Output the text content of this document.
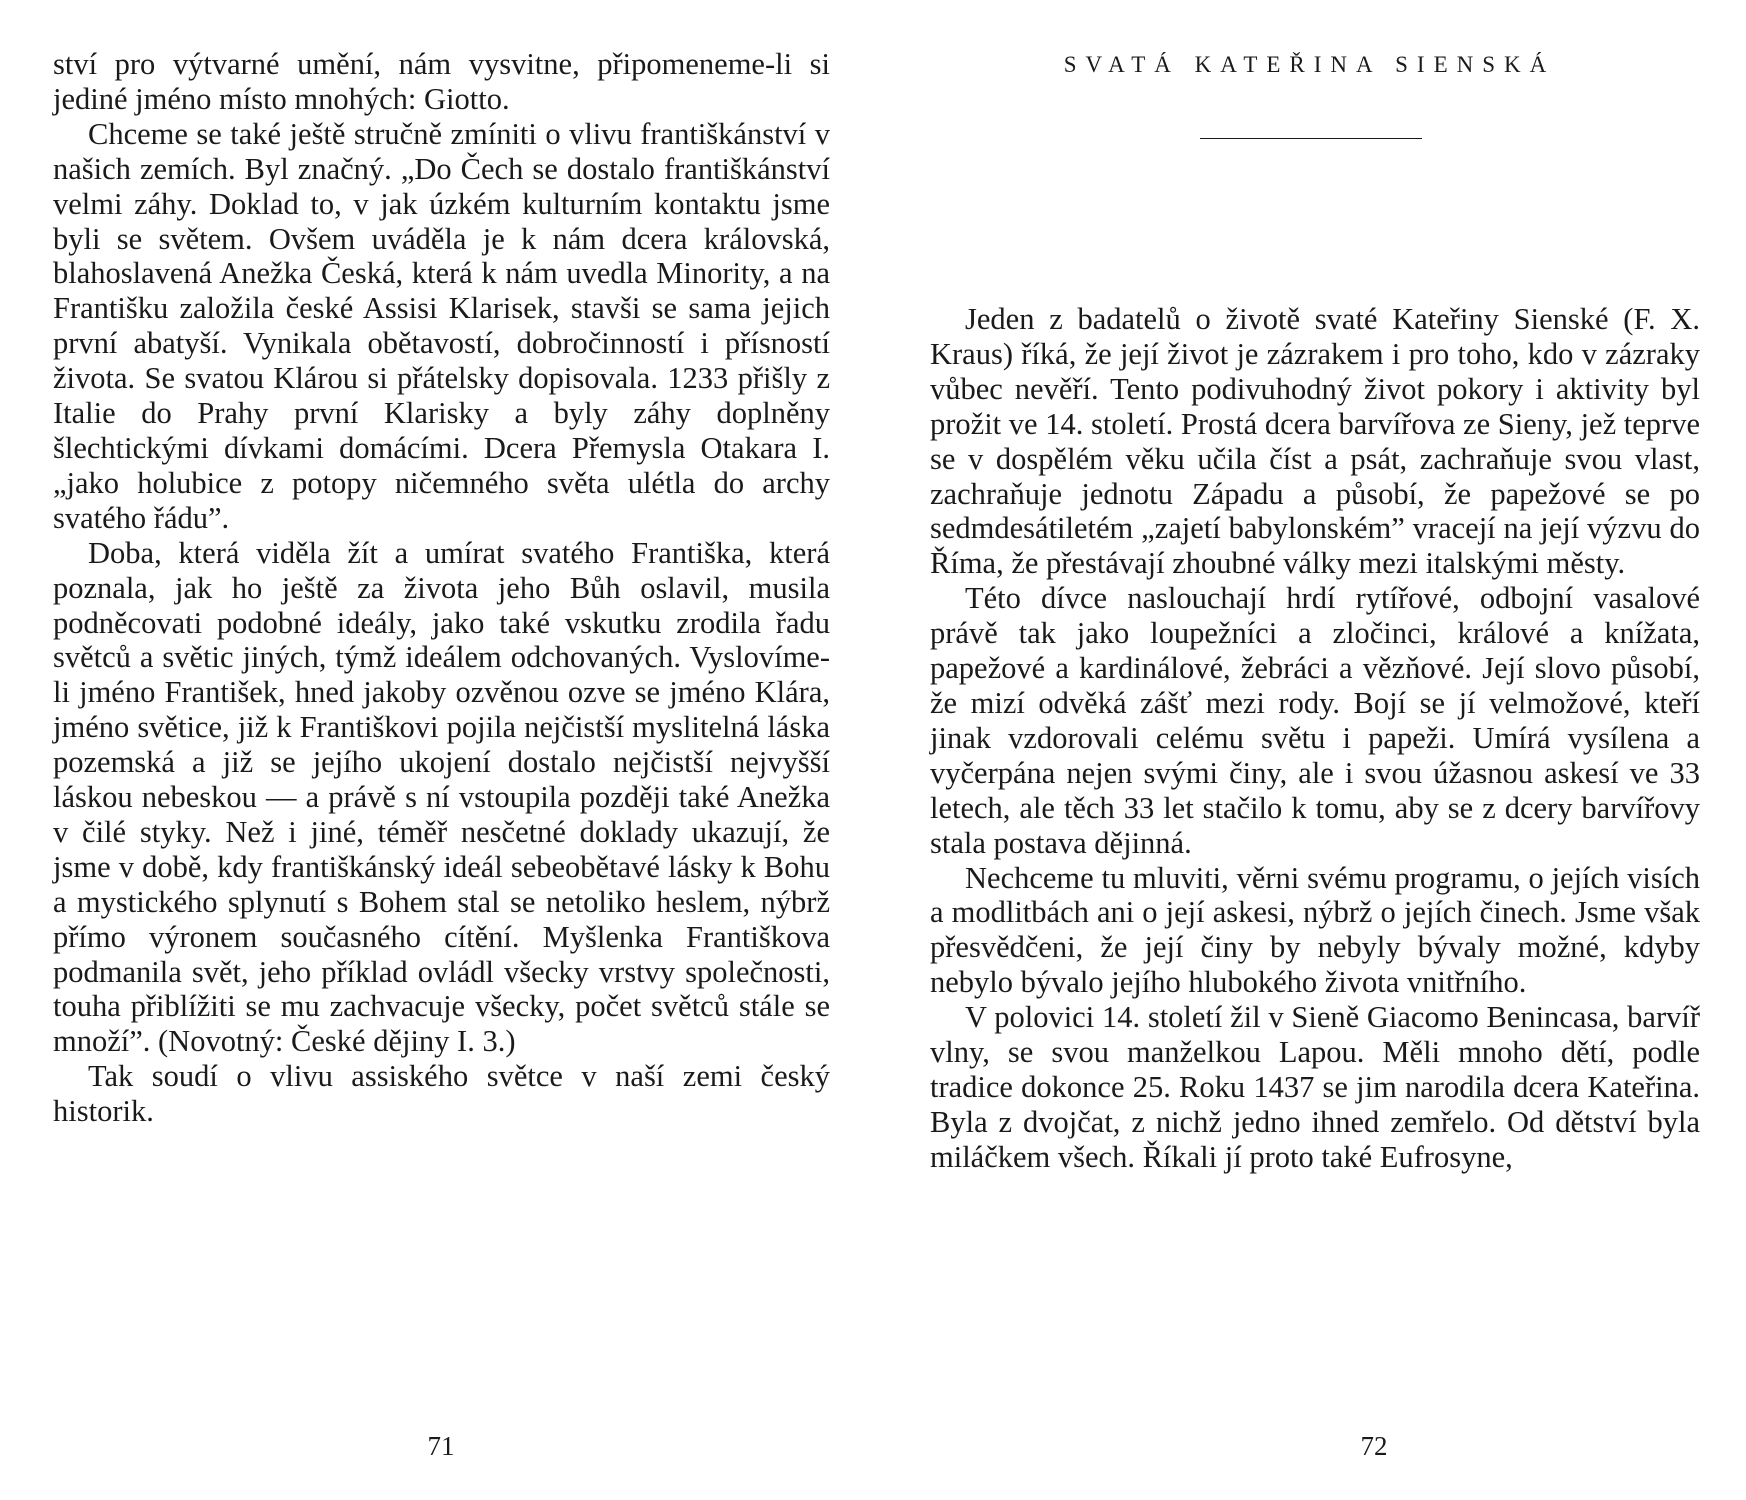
ství pro výtvarné umění, nám vysvitne, připomeneme-li si jediné jméno místo mnohých: Giotto.

Chceme se také ještě stručně zmíniti o vlivu františkánství v našich zemích. Byl značný. „Do Čech se dostalo františkánství velmi záhy. Doklad to, v jak úzkém kulturním kontaktu jsme byli se světem. Ovšem uváděla je k nám dcera královská, blahoslavená Anežka Česká, která k nám uvedla Minority, a na Františku založila české Assisi Klarisek, stavši se sama jejich první abatyší. Vynikala obětavostí, dobročinností i přísností života. Se svatou Klárou si přátelsky dopisovala. 1233 přišly z Italie do Prahy první Klarisky a byly záhy doplněny šlechtickými dívkami domácími. Dcera Přemysla Otakara I. „jako holubice z potopy ničemného světa ulétla do archy svatého řádu”.

Doba, která viděla žít a umírat svatého Františka, která poznala, jak ho ještě za života jeho Bůh oslavil, musila podněcovati podobné ideály, jako také vskutku zrodila řadu světců a světic jiných, týmž ideálem odchovaných. Vyslovíme-li jméno František, hned jakoby ozvěnou ozve se jméno Klára, jméno světice, již k Františkovi pojila nejčistší myslitelná láska pozemská a již se jejího ukojení dostalo nejčistší nejvyšší láskou nebeskou — a právě s ní vstoupila později také Anežka v čilé styky. Než i jiné, téměř nesčetné doklady ukazují, že jsme v době, kdy františkánský ideál sebeobětavé lásky k Bohu a mystického splynutí s Bohem stal se netoliko heslem, nýbrž přímo výronem současného cítění. Myšlenka Františkova podmanila svět, jeho příklad ovládl všecky vrstvy společnosti, touha přiblížiti se mu zachvacuje všecky, počet světců stále se množí”. (Novotný: České dějiny I. 3.)

Tak soudí o vlivu assiského světce v naší zemi český historik.

71
SVATÁ KATEŘINA SIENSKÁ

Jeden z badatelů o životě svaté Kateřiny Sienské (F. X. Kraus) říká, že její život je zázrakem i pro toho, kdo v zázraky vůbec nevěří. Tento podivuhodný život pokory i aktivity byl prožit ve 14. století. Prostá dcera barvířova ze Sieny, jež teprve se v dospělém věku učila číst a psát, zachraňuje svou vlast, zachraňuje jednotu Západu a působí, že papežové se po sedmdesátiletém „zajetí babylonském” vracejí na její výzvu do Říma, že přestávají zhoubné války mezi italskými městy.

Této dívce naslouchají hrdí rytířové, odbojní vasalové právě tak jako loupežníci a zločinci, králové a knížata, papežové a kardinálové, žebráci a vězňové. Její slovo působí, že mizí odvěká zášť mezi rody. Bojí se jí velmožové, kteří jinak vzdorovali celému světu i papeži. Umírá vysílena a vyčerpána nejen svými činy, ale i svou úžasnou askesí ve 33 letech, ale těch 33 let stačilo k tomu, aby se z dcery barvířovy stala postava dějinná.

Nechceme tu mluviti, věrni svému programu, o jejích visích a modlitbách ani o její askesi, nýbrž o jejích činech. Jsme však přesvědčeni, že její činy by nebyly bývaly možné, kdyby nebylo bývalo jejího hlubokého života vnitřního.

V polovici 14. století žil v Sieně Giacomo Benincasa, barvíř vlny, se svou manželkou Lapou. Měli mnoho dětí, podle tradice dokonce 25. Roku 1437 se jim narodila dcera Kateřina. Byla z dvojčat, z nichž jedno ihned zemřelo. Od dětství byla miláčkem všech. Říkali jí proto také Eufrosyne,

72
